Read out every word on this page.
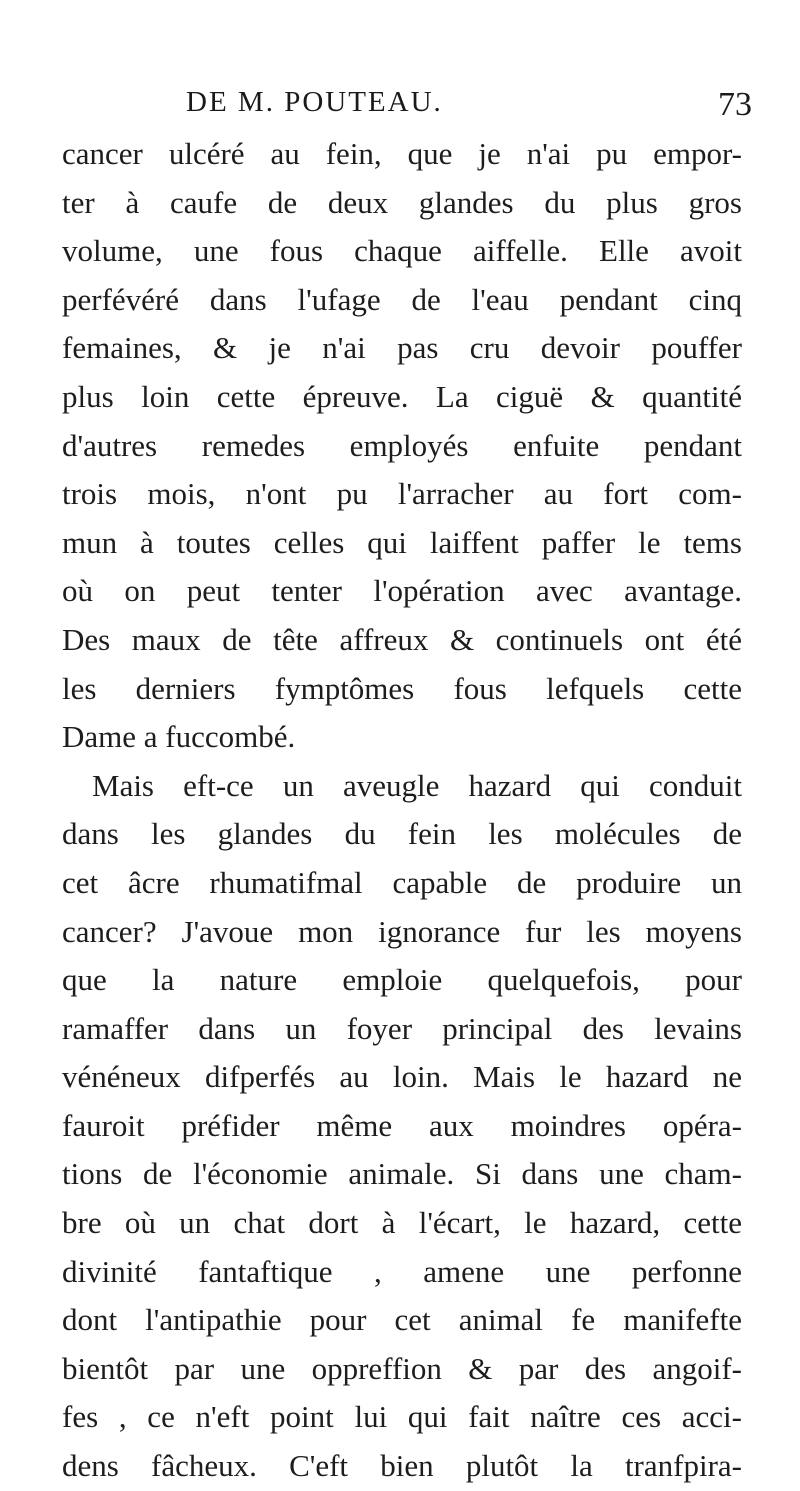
DE M. POUTEAU.	73
cancer ulcéré au fein, que je n'ai pu empor-
ter à caufe de deux glandes du plus gros
volume, une fous chaque aiffelle. Elle avoit
perfévéré dans l'ufage de l'eau pendant cinq
femaines, & je n'ai pas cru devoir pouffer
plus loin cette épreuve. La ciguë & quantité
d'autres remedes employés enfuite pendant
trois mois, n'ont pu l'arracher au fort com-
mun à toutes celles qui laiffent paffer le tems
où on peut tenter l'opération avec avantage.
Des maux de tête affreux & continuels ont été
les derniers fymptômes fous lefquels cette
Dame a fuccombé.
Mais eft-ce un aveugle hazard qui conduit
dans les glandes du fein les molécules de
cet âcre rhumatifmal capable de produire un
cancer? J'avoue mon ignorance fur les moyens
que la nature emploie quelquefois, pour
ramaffer dans un foyer principal des levains
vénéneux difperfés au loin. Mais le hazard ne
fauroit préfider même aux moindres opéra-
tions de l'économie animale. Si dans une cham-
bre où un chat dort à l'écart, le hazard, cette
divinité fantaftique , amene une perfonne
dont l'antipathie pour cet animal fe manifefte
bientôt par une oppreffion & par des angoif-
fes , ce n'eft point lui qui fait naître ces acci-
dens fâcheux. C'eft bien plutôt la tranfpira-
